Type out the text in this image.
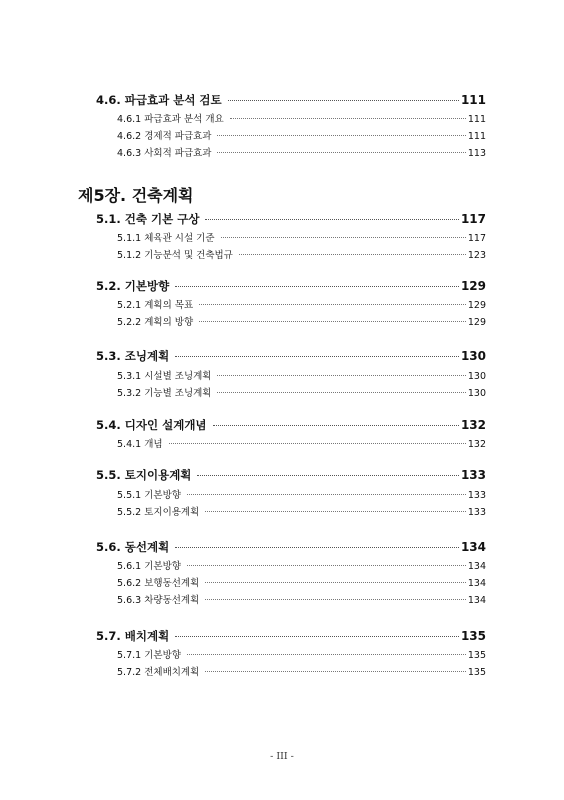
4.6. 파급효과 분석 검토	111
4.6.1 파급효과 분석 개요	111
4.6.2 경제적 파급효과	111
4.6.3 사회적 파급효과	113
제5장. 건축계획
5.1. 건축 기본 구상	117
5.1.1 체육관 시설 기준	117
5.1.2 기능분석 및 건축법규	123
5.2. 기본방향	129
5.2.1 계획의 목표	129
5.2.2 계획의 방향	129
5.3. 조닝계획	130
5.3.1 시설별 조닝계획	130
5.3.2 기능별 조닝계획	130
5.4. 디자인 설계개념	132
5.4.1 개념	132
5.5. 토지이용계획	133
5.5.1 기본방향	133
5.5.2 토지이용계획	133
5.6. 동선계획	134
5.6.1 기본방향	134
5.6.2 보행동선계획	134
5.6.3 차량동선계획	134
5.7. 배치계획	135
5.7.1 기본방향	135
5.7.2 전체배치계획	135
- III -
